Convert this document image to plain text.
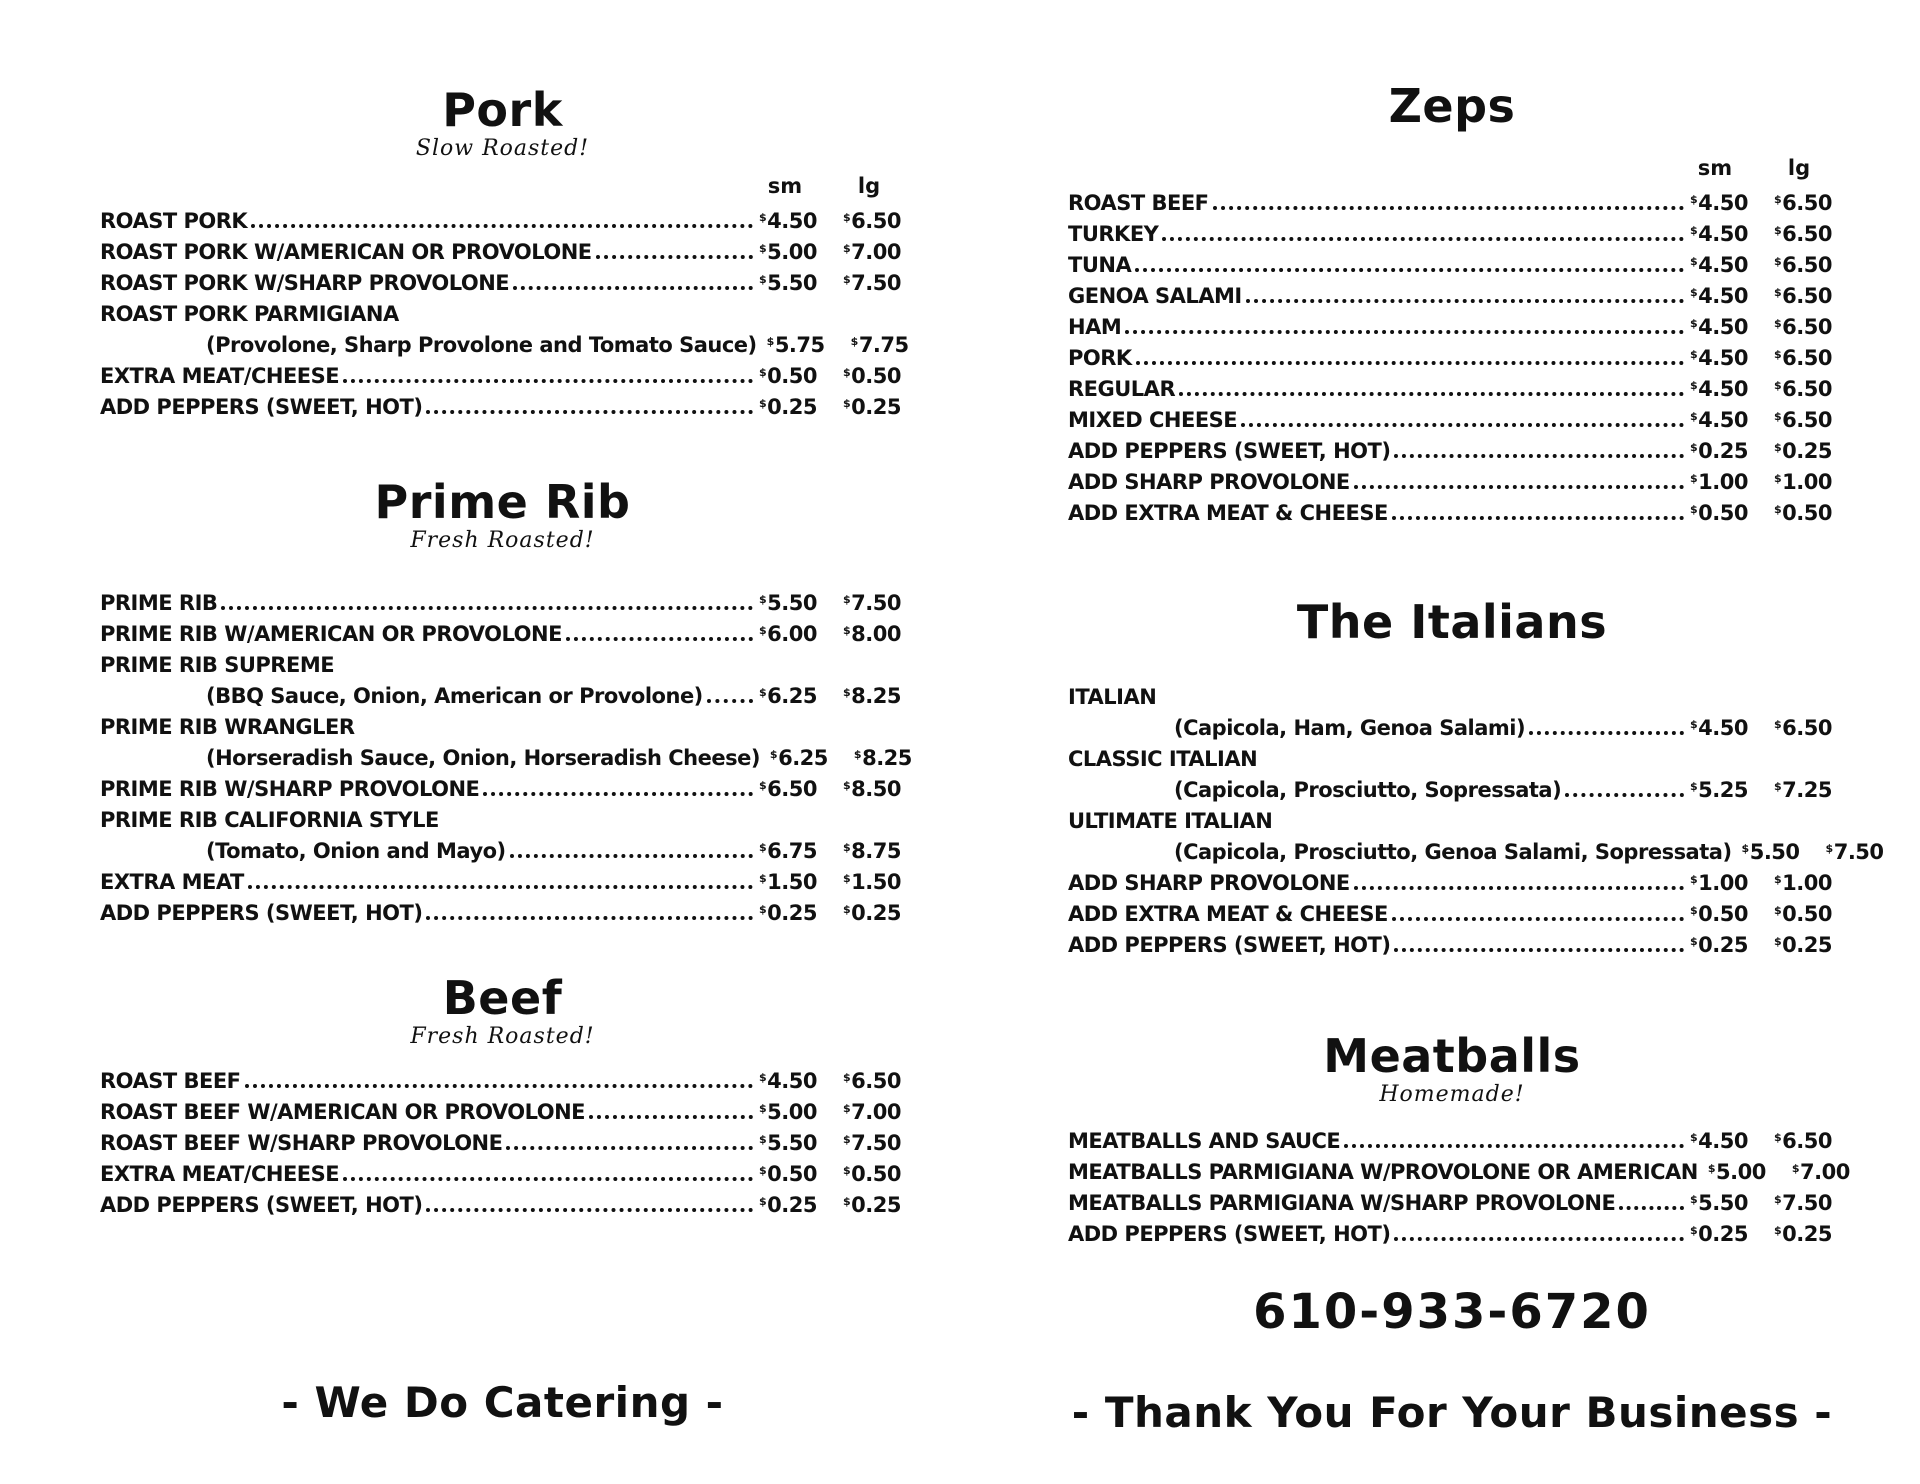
Pork

Slow Roasted!

sm	lg
ROAST PORK	$4.50	$6.50
ROAST PORK W/AMERICAN OR PROVOLONE	$5.00	$7.00
ROAST PORK W/SHARP PROVOLONE	$5.50	$7.50
ROAST PORK PARMIGIANA
(Provolone, Sharp Provolone and Tomato Sauce) $5.75	$7.75
EXTRA MEAT/CHEESE	$0.50	$0.50
ADD PEPPERS (SWEET, HOT)	$0.25	$0.25
Prime Rib

Fresh Roasted!

PRIME RIB	$5.50	$7.50
PRIME RIB W/AMERICAN OR PROVOLONE	$6.00	$8.00
PRIME RIB SUPREME
(BBQ Sauce, Onion, American or Provolone)	$6.25	$8.25
PRIME RIB WRANGLER
(Horseradish Sauce, Onion, Horseradish Cheese) $6.25	$8.25
PRIME RIB W/SHARP PROVOLONE	$6.50	$8.50
PRIME RIB CALIFORNIA STYLE
(Tomato, Onion and Mayo)	$6.75	$8.75
EXTRA MEAT	$1.50	$1.50
ADD PEPPERS (SWEET, HOT)	$0.25	$0.25
Beef

Fresh Roasted!

ROAST BEEF	$4.50	$6.50
ROAST BEEF W/AMERICAN OR PROVOLONE	$5.00	$7.00
ROAST BEEF W/SHARP PROVOLONE	$5.50	$7.50
EXTRA MEAT/CHEESE	$0.50	$0.50
ADD PEPPERS (SWEET, HOT)	$0.25	$0.25
- We Do Catering -
Zeps
sm	lg
ROAST BEEF	$4.50	$6.50
TURKEY	$4.50	$6.50
TUNA	$4.50	$6.50
GENOA SALAMI	$4.50	$6.50
HAM	$4.50	$6.50
PORK	$4.50	$6.50
REGULAR	$4.50	$6.50
MIXED CHEESE	$4.50	$6.50
ADD PEPPERS (SWEET, HOT)	$0.25	$0.25
ADD SHARP PROVOLONE	$1.00	$1.00
ADD EXTRA MEAT & CHEESE	$0.50	$0.50
The Italians
ITALIAN
(Capicola, Ham, Genoa Salami)	$4.50	$6.50
CLASSIC ITALIAN
(Capicola, Prosciutto, Sopressata)	$5.25	$7.25
ULTIMATE ITALIAN
(Capicola, Prosciutto, Genoa Salami, Sopressata) $5.50	$7.50
ADD SHARP PROVOLONE	$1.00	$1.00
ADD EXTRA MEAT & CHEESE	$0.50	$0.50
ADD PEPPERS (SWEET, HOT)	$0.25	$0.25
Meatballs

Homemade!

MEATBALLS AND SAUCE	$4.50	$6.50
MEATBALLS PARMIGIANA W/PROVOLONE OR AMERICAN $5.00	$7.00
MEATBALLS PARMIGIANA W/SHARP PROVOLONE	$5.50	$7.50
ADD PEPPERS (SWEET, HOT)	$0.25	$0.25
610-933-6720
- Thank You For Your Business -
